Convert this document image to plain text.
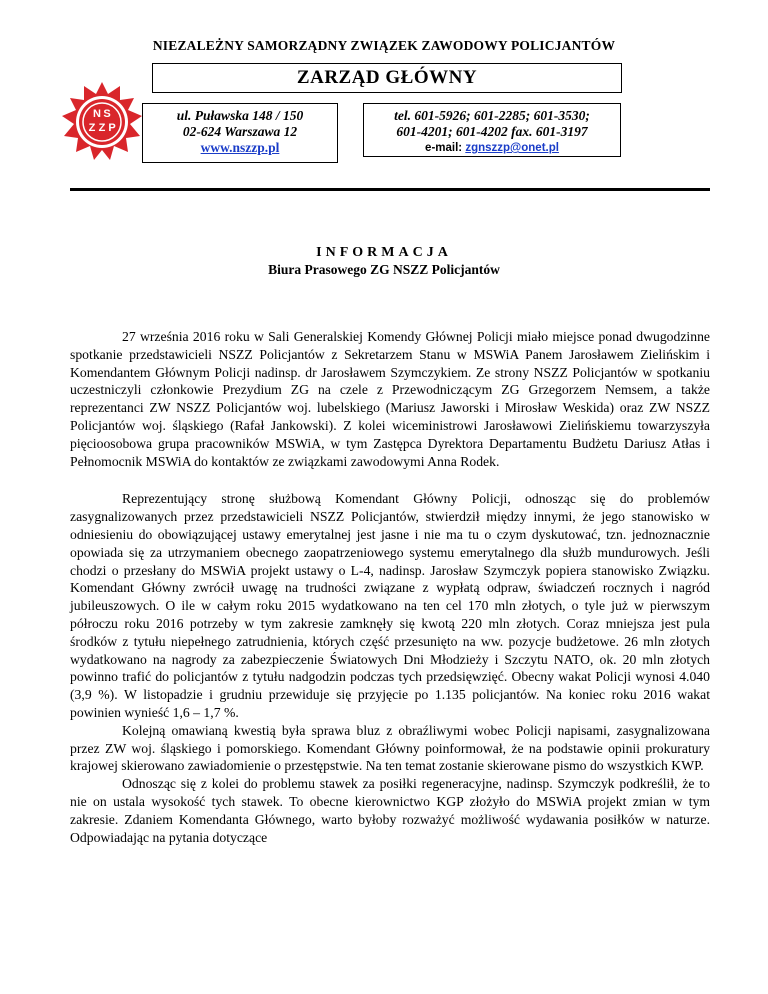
NIEZALEŻNY SAMORZĄDNY ZWIĄZEK ZAWODOWY POLICJANTÓW
N S
Z Z P
ZARZĄD GŁÓWNY
ul. Puławska 148 / 150
02-624 Warszawa 12
www.nszzp.pl
tel. 601-5926; 601-2285; 601-3530;
601-4201; 601-4202 fax. 601-3197
e-mail: zgnszzp@onet.pl
INFORMACJA
Biura Prasowego ZG NSZZ Policjantów

27 września 2016 roku w Sali Generalskiej Komendy Głównej Policji miało miejsce ponad dwugodzinne spotkanie przedstawicieli NSZZ Policjantów z Sekretarzem Stanu w MSWiA Panem Jarosławem Zielińskim i Komendantem Głównym Policji nadinsp. dr Jarosławem Szymczykiem. Ze strony NSZZ Policjantów w spotkaniu uczestniczyli członkowie Prezydium ZG na czele z Przewodniczącym ZG Grzegorzem Nemsem, a także reprezentanci ZW NSZZ Policjantów woj. lubelskiego (Mariusz Jaworski i Mirosław Weskida) oraz ZW NSZZ Policjantów woj. śląskiego (Rafał Jankowski). Z kolei wiceministrowi Jarosławowi Zielińskiemu towarzyszyła pięcioosobowa grupa pracowników MSWiA, w tym Zastępca Dyrektora Departamentu Budżetu Dariusz Atłas i Pełnomocnik MSWiA do kontaktów ze związkami zawodowymi Anna Rodek.

Reprezentujący stronę służbową Komendant Główny Policji, odnosząc się do problemów zasygnalizowanych przez przedstawicieli NSZZ Policjantów, stwierdził między innymi, że jego stanowisko w odniesieniu do obowiązującej ustawy emerytalnej jest jasne i nie ma tu o czym dyskutować, tzn. jednoznacznie opowiada się za utrzymaniem obecnego zaopatrzeniowego systemu emerytalnego dla służb mundurowych. Jeśli chodzi o przesłany do MSWiA projekt ustawy o L-4, nadinsp. Jarosław Szymczyk popiera stanowisko Związku. Komendant Główny zwrócił uwagę na trudności związane z wypłatą odpraw, świadczeń rocznych i nagród jubileuszowych. O ile w całym roku 2015 wydatkowano na ten cel 170 mln złotych, o tyle już w pierwszym półroczu roku 2016 potrzeby w tym zakresie zamknęły się kwotą 220 mln złotych. Coraz mniejsza jest pula środków z tytułu niepełnego zatrudnienia, których część przesunięto na ww. pozycje budżetowe. 26 mln złotych wydatkowano na nagrody za zabezpieczenie Światowych Dni Młodzieży i Szczytu NATO, ok. 20 mln złotych powinno trafić do policjantów z tytułu nadgodzin podczas tych przedsięwzięć. Obecny wakat Policji wynosi 4.040 (3,9 %). W listopadzie i grudniu przewiduje się przyjęcie po 1.135 policjantów. Na koniec roku 2016 wakat powinien wynieść 1,6 – 1,7 %.

Kolejną omawianą kwestią była sprawa bluz z obraźliwymi wobec Policji napisami, zasygnalizowana przez ZW woj. śląskiego i pomorskiego. Komendant Główny poinformował, że na podstawie opinii prokuratury krajowej skierowano zawiadomienie o przestępstwie. Na ten temat zostanie skierowane pismo do wszystkich KWP.

Odnosząc się z kolei do problemu stawek za posiłki regeneracyjne, nadinsp. Szymczyk podkreślił, że to nie on ustala wysokość tych stawek. To obecne kierownictwo KGP złożyło do MSWiA projekt zmian w tym zakresie. Zdaniem Komendanta Głównego, warto byłoby rozważyć możliwość wydawania posiłków w naturze. Odpowiadając na pytania dotyczące
